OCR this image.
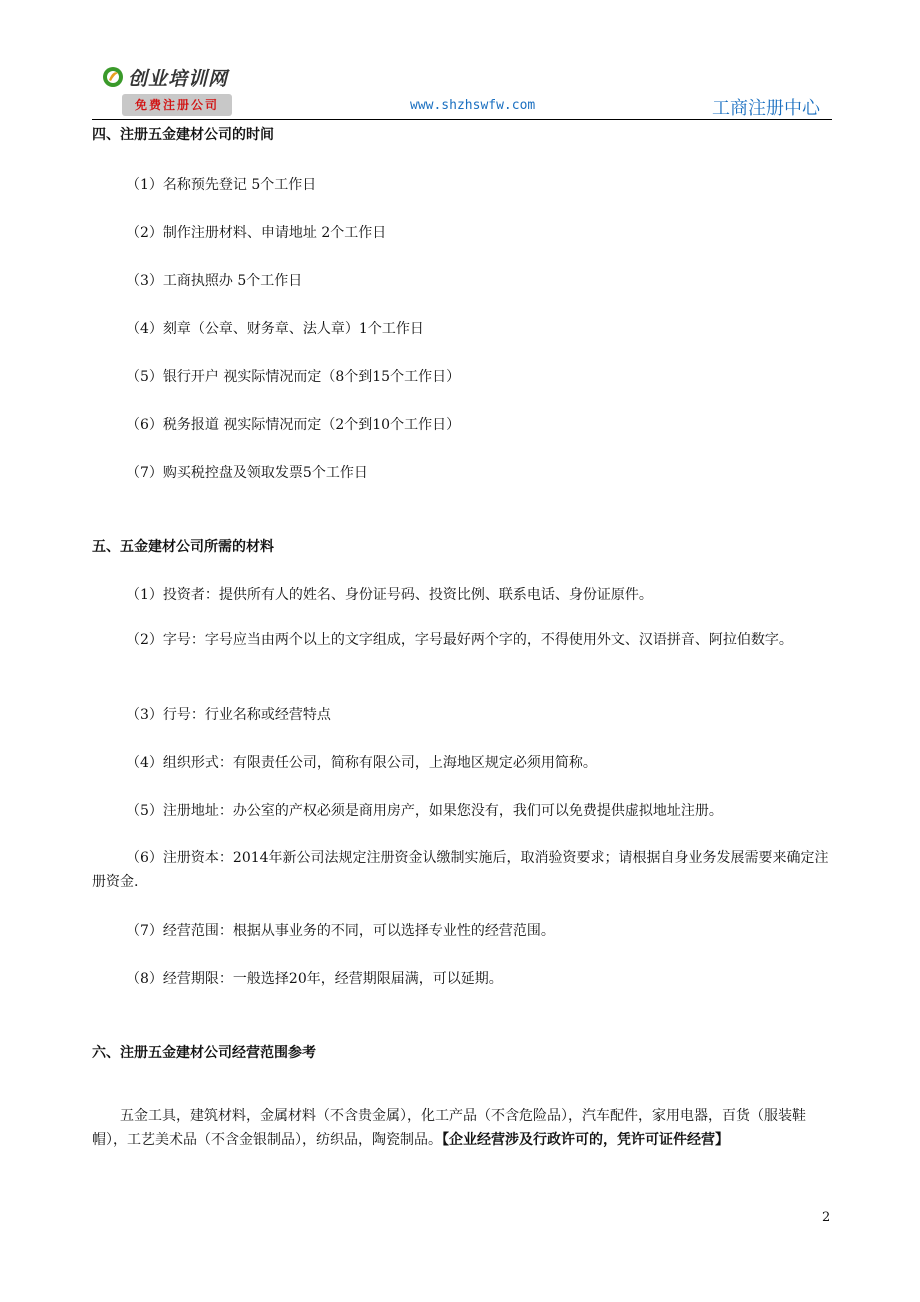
创业培训网
免费注册公司	www.shzhswfw.com	工商注册中心
四、注册五金建材公司的时间
（1）名称预先登记 5个工作日
（2）制作注册材料、申请地址 2个工作日
（3）工商执照办 5个工作日
（4）刻章（公章、财务章、法人章）1个工作日
（5）银行开户 视实际情况而定（8个到15个工作日）
（6）税务报道 视实际情况而定（2个到10个工作日）
（7）购买税控盘及领取发票5个工作日
五、五金建材公司所需的材料
（1）投资者：提供所有人的姓名、身份证号码、投资比例、联系电话、身份证原件。
（2）字号：字号应当由两个以上的文字组成，字号最好两个字的，不得使用外文、汉语拼音、阿拉伯数字。
（3）行号：行业名称或经营特点
（4）组织形式：有限责任公司，简称有限公司，上海地区规定必须用简称。
（5）注册地址：办公室的产权必须是商用房产，如果您没有，我们可以免费提供虚拟地址注册。
（6）注册资本：2014年新公司法规定注册资金认缴制实施后，取消验资要求；请根据自身业务发展需要来确定注册资金.
（7）经营范围：根据从事业务的不同，可以选择专业性的经营范围。
（8）经营期限：一般选择20年，经营期限届满，可以延期。
六、注册五金建材公司经营范围参考
五金工具，建筑材料，金属材料（不含贵金属），化工产品（不含危险品），汽车配件，家用电器，百货（服装鞋帽），工艺美术品（不含金银制品），纺织品，陶瓷制品。【企业经营涉及行政许可的，凭许可证件经营】
2
